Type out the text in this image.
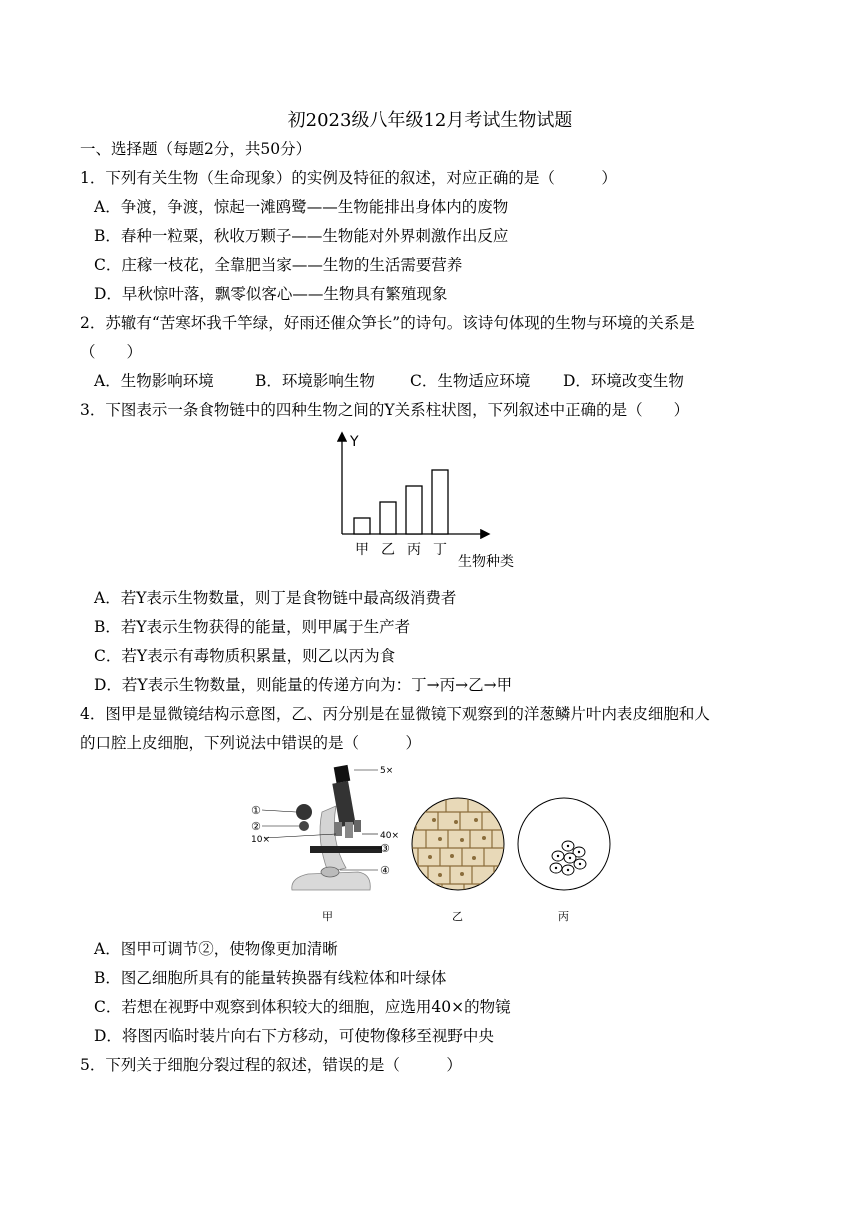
初2023级八年级12月考试生物试题
一、选择题（每题2分，共50分）
1．下列有关生物（生命现象）的实例及特征的叙述，对应正确的是（　　　）
A．争渡，争渡，惊起一滩鸥鹭——生物能排出身体内的废物
B．春种一粒粟，秋收万颗子——生物能对外界刺激作出反应
C．庄稼一枝花，全靠肥当家——生物的生活需要营养
D．早秋惊叶落，飘零似客心——生物具有繁殖现象
2．苏辙有“苦寒坏我千竿绿，好雨还催众笋长”的诗句。该诗句体现的生物与环境的关系是
（　　）
A．生物影响环境	B．环境影响生物 C．生物适应环境 D．环境改变生物
3．下图表示一条食物链中的四种生物之间的Y关系柱状图，下列叙述中正确的是（　　）
Y
甲 乙 丙 丁
生物种类
A．若Y表示生物数量，则丁是食物链中最高级消费者
B．若Y表示生物获得的能量，则甲属于生产者
C．若Y表示有毒物质积累量，则乙以丙为食
D．若Y表示生物数量，则能量的传递方向为：丁→丙→乙→甲
4．图甲是显微镜结构示意图，乙、丙分别是在显微镜下观察到的洋葱鳞片叶内表皮细胞和人
的口腔上皮细胞，下列说法中错误的是（　　　）
5×
①
②
10×	40×
③
④
甲	乙	丙
A．图甲可调节②，使物像更加清晰
B．图乙细胞所具有的能量转换器有线粒体和叶绿体
C．若想在视野中观察到体积较大的细胞，应选用40×的物镜
D．将图丙临时装片向右下方移动，可使物像移至视野中央
5．下列关于细胞分裂过程的叙述，错误的是（　　　）
